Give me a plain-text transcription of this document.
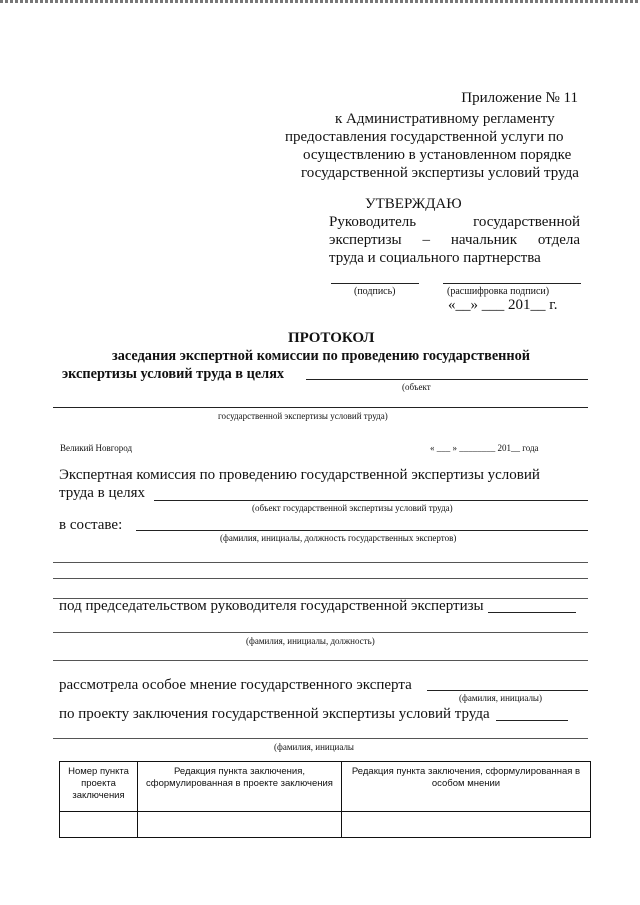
Приложение № 11
к Административному регламенту
предоставления государственной услуги по
осуществлению в установленном порядке
государственной экспертизы условий труда
УТВЕРЖДАЮ
Руководитель	государственной
экспертизы – начальник отдела
труда и социального партнерства
(подпись)	(расшифровка подписи)
«__» ___ 201__ г.
ПРОТОКОЛ
заседания экспертной комиссии по проведению государственной
экспертизы условий труда в целях
(объект
государственной экспертизы условий труда)
Великий Новгород	« ___ » ________ 201__ года
Экспертная комиссия по проведению государственной экспертизы условий
труда в целях
(объект государственной экспертизы условий труда)
в составе:
(фамилия, инициалы, должность государственных экспертов)
под председательством руководителя государственной экспертизы
(фамилия, инициалы, должность)
рассмотрела особое мнение государственного эксперта
(фамилия, инициалы)
по проекту заключения государственной экспертизы условий труда
(фамилия, инициалы
Номер пункта проекта заключения	Редакция пункта заключения, сформулированная в проекте заключения	Редакция пункта заключения, сформулированная в особом мнении
